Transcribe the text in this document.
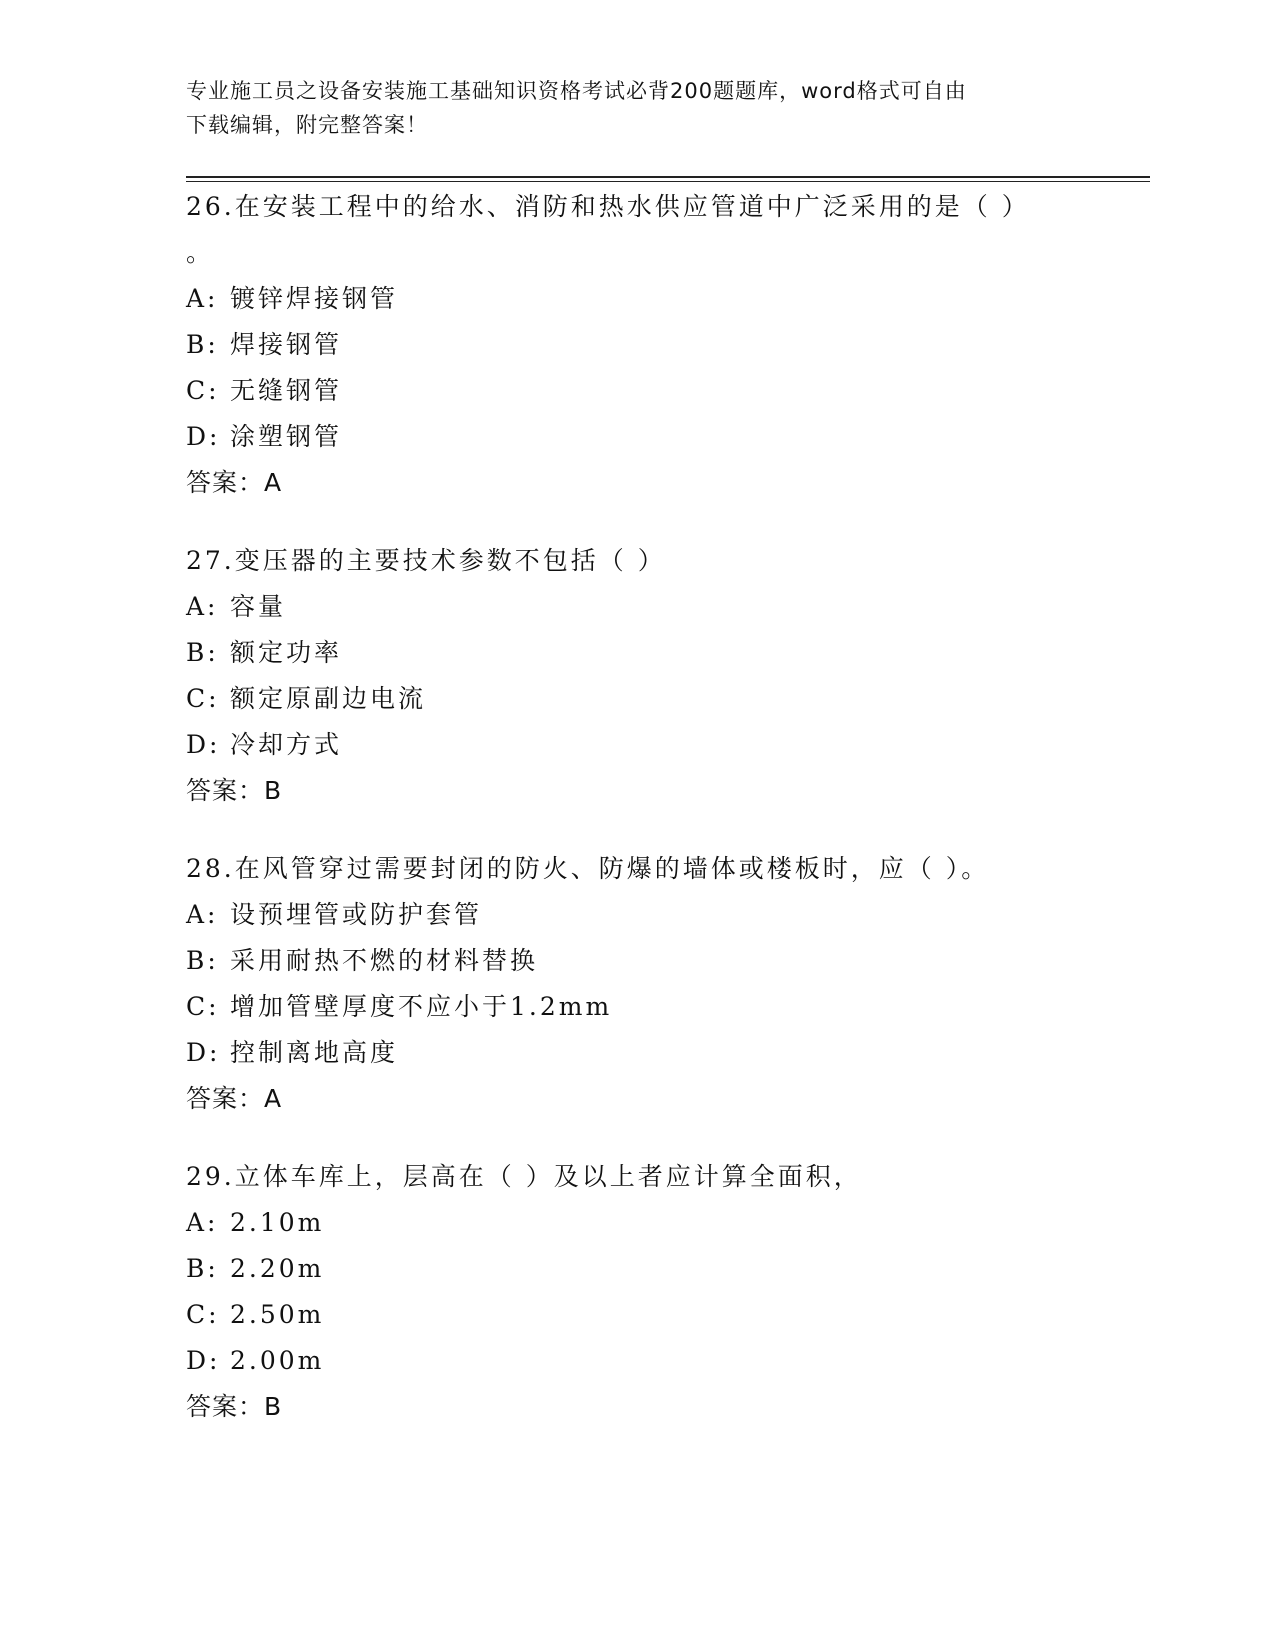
专业施工员之设备安装施工基础知识资格考试必背200题题库，word格式可自由
下载编辑，附完整答案！
26.在安装工程中的给水、消防和热水供应管道中广泛采用的是（ ）
。
A: 镀锌焊接钢管
B: 焊接钢管
C: 无缝钢管
D: 涂塑钢管
答案：A
27.变压器的主要技术参数不包括（ ）
A: 容量
B: 额定功率
C: 额定原副边电流
D: 冷却方式
答案：B
28.在风管穿过需要封闭的防火、防爆的墙体或楼板时，应（ ）。
A: 设预埋管或防护套管
B: 采用耐热不燃的材料替换
C: 增加管壁厚度不应小于1.2mm
D: 控制离地高度
答案：A
29.立体车库上，层高在（ ）及以上者应计算全面积，
A: 2.10m
B: 2.20m
C: 2.50m
D: 2.00m
答案：B
